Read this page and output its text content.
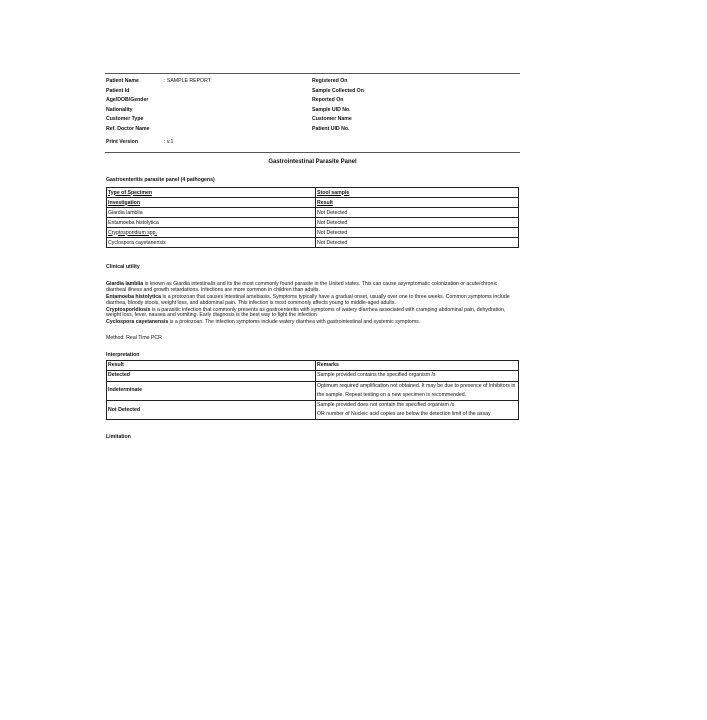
Patient Name	: SAMPLE REPORT
Patient Id
Age/DOB/Gender
Nationality
Customer Type
Ref. Doctor Name
Print Version	: v.1
Registered On
Sample Collected On
Reported On
Sample UID No.
Customer Name
Patient UID No.
Gastrointestinal Parasite Panel
Gastroenteritis parasite panel (4 pathogens)
Type of Specimen	Stool sample
Investigation	Result
Giardia lamblia	Not Detected
Entamoeba histolytica	Not Detected
Cryptosporidium spp.	Not Detected
Cyclospora cayetanensis	Not Detected
Clinical utility
Giardia lamblia is known as Giardia intestinalis and its the most commonly found parasite in the United states. This can cause asymptomatic colonization or acute/chronic diarrheal illness and growth retardations. Infections are more common in children than adults.
Entamoeba histolytica is a protozoan that causes intestinal amebiasis. Symptoms typically have a gradual onset, usually over one to three weeks. Common symptoms include diarrhea, bloody stools, weight loss, and abdominal pain. This infection is most commonly affects young to middle-aged adults.
Cryptosporidiosis is a parasitic infection that commonly presents as gastroenteritis with symptoms of watery diarrhea associated with cramping abdominal pain, dehydration, weight loss, fever, nausea and vomiting. Early diagnosis is the best way to fight the infection
Cyclospora cayetanensis is a protozoan. The infection symptoms include watery diarrhea with gastrointestinal and systemic symptoms.
Method: Real Time PCR
Interpretation
Result	Remarks
Detected	Sample provided contains the specified organism /s
Indeterminate	Optimum required amplification not obtained. It may be due to presence of Inhibitors in the sample. Repeat testing on a new specimen is recommended.
Not Detected	Sample provided does not contain the specified organism /s
OR number of Nucleic acid copies are below the detection limit of the assay
Limitation
